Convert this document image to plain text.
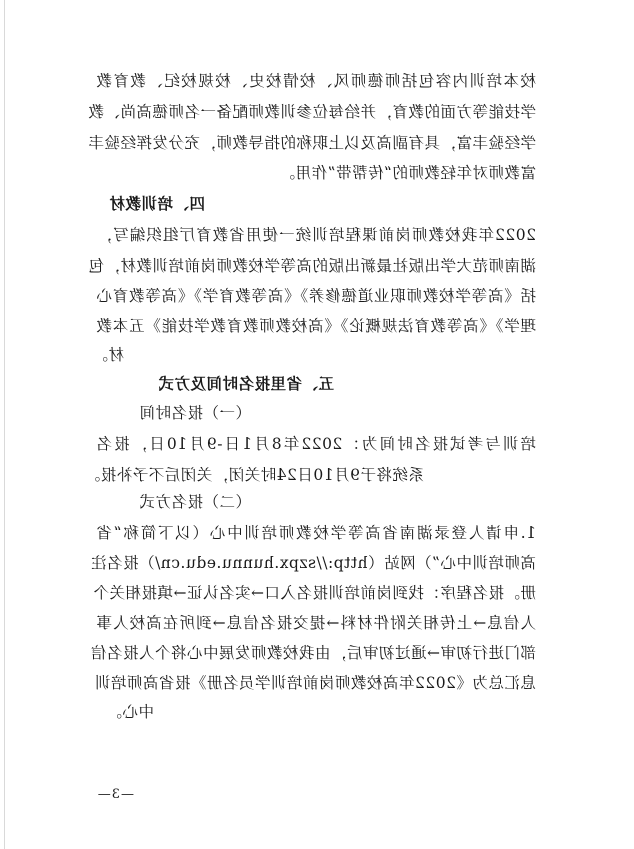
校本培训内容包括师德师风、校情校史、校规校纪、教育教
学技能等方面的教育，并给每位参训教师配备一名师德高尚、教
学经验丰富，具有副高及以上职称的指导教师，充分发挥经验丰
富教师对年轻教师的“传帮带”作用。
四、培训教材
2022年我校教师岗前课程培训统一使用省教育厅组织编写，
湖南师范大学出版社最新出版的高等学校教师岗前培训教材，包
括《高等学校教师职业道德修养》《高等教育学》《高等教育心
理学》《高等教育法规概论》《高校教师教育教学技能》五本教
材。
五、省里报名时间及方式
（一）报名时间
培训与考试报名时间为：2022年8月1日-9月10日，报名
系统将于9月10日24时关闭，关闭后不予补报。
（二）报名方式
1.申请人登录湖南省高等学校教师培训中心（以下简称“省
高师培训中心”）网站（http://szpx.hunnu.edu.cn/）报名注
册。报名程序：找到岗前培训报名入口→实名认证→填报相关个
人信息→上传相关附件材料→提交报名信息→到所在高校人事
部门进行初审→通过初审后，由我校教师发展中心将个人报名信
息汇总为《2022年高校教师岗前培训学员名册》报省高师培训
中心。
—3—
